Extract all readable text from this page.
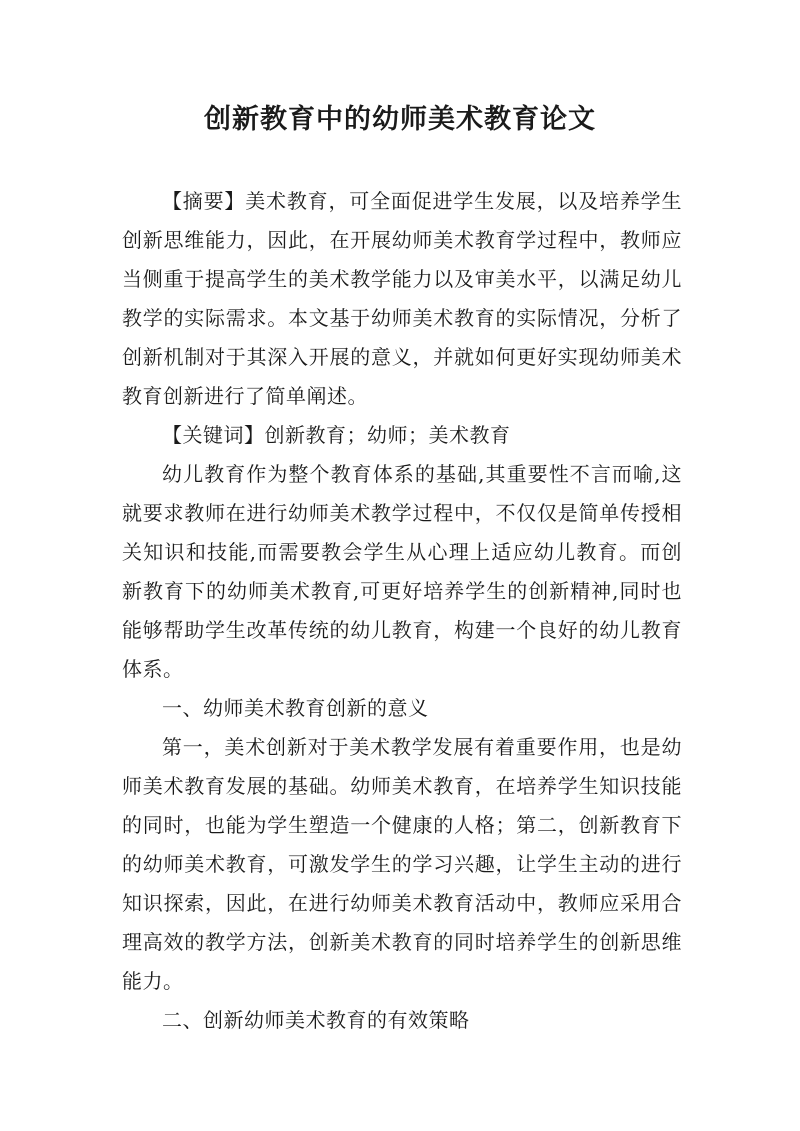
创新教育中的幼师美术教育论文

【摘要】美术教育，可全面促进学生发展，以及培养学生创新思维能力，因此，在开展幼师美术教育学过程中，教师应当侧重于提高学生的美术教学能力以及审美水平，以满足幼儿教学的实际需求。本文基于幼师美术教育的实际情况，分析了创新机制对于其深入开展的意义，并就如何更好实现幼师美术教育创新进行了简单阐述。

【关键词】创新教育；幼师；美术教育

幼儿教育作为整个教育体系的基础,其重要性不言而喻,这就要求教师在进行幼师美术教学过程中，不仅仅是简单传授相关知识和技能,而需要教会学生从心理上适应幼儿教育。而创新教育下的幼师美术教育,可更好培养学生的创新精神,同时也能够帮助学生改革传统的幼儿教育，构建一个良好的幼儿教育体系。

一、幼师美术教育创新的意义

第一，美术创新对于美术教学发展有着重要作用，也是幼师美术教育发展的基础。幼师美术教育，在培养学生知识技能的同时，也能为学生塑造一个健康的人格；第二，创新教育下的幼师美术教育，可激发学生的学习兴趣，让学生主动的进行知识探索，因此，在进行幼师美术教育活动中，教师应采用合理高效的教学方法，创新美术教育的同时培养学生的创新思维能力。

二、创新幼师美术教育的有效策略
